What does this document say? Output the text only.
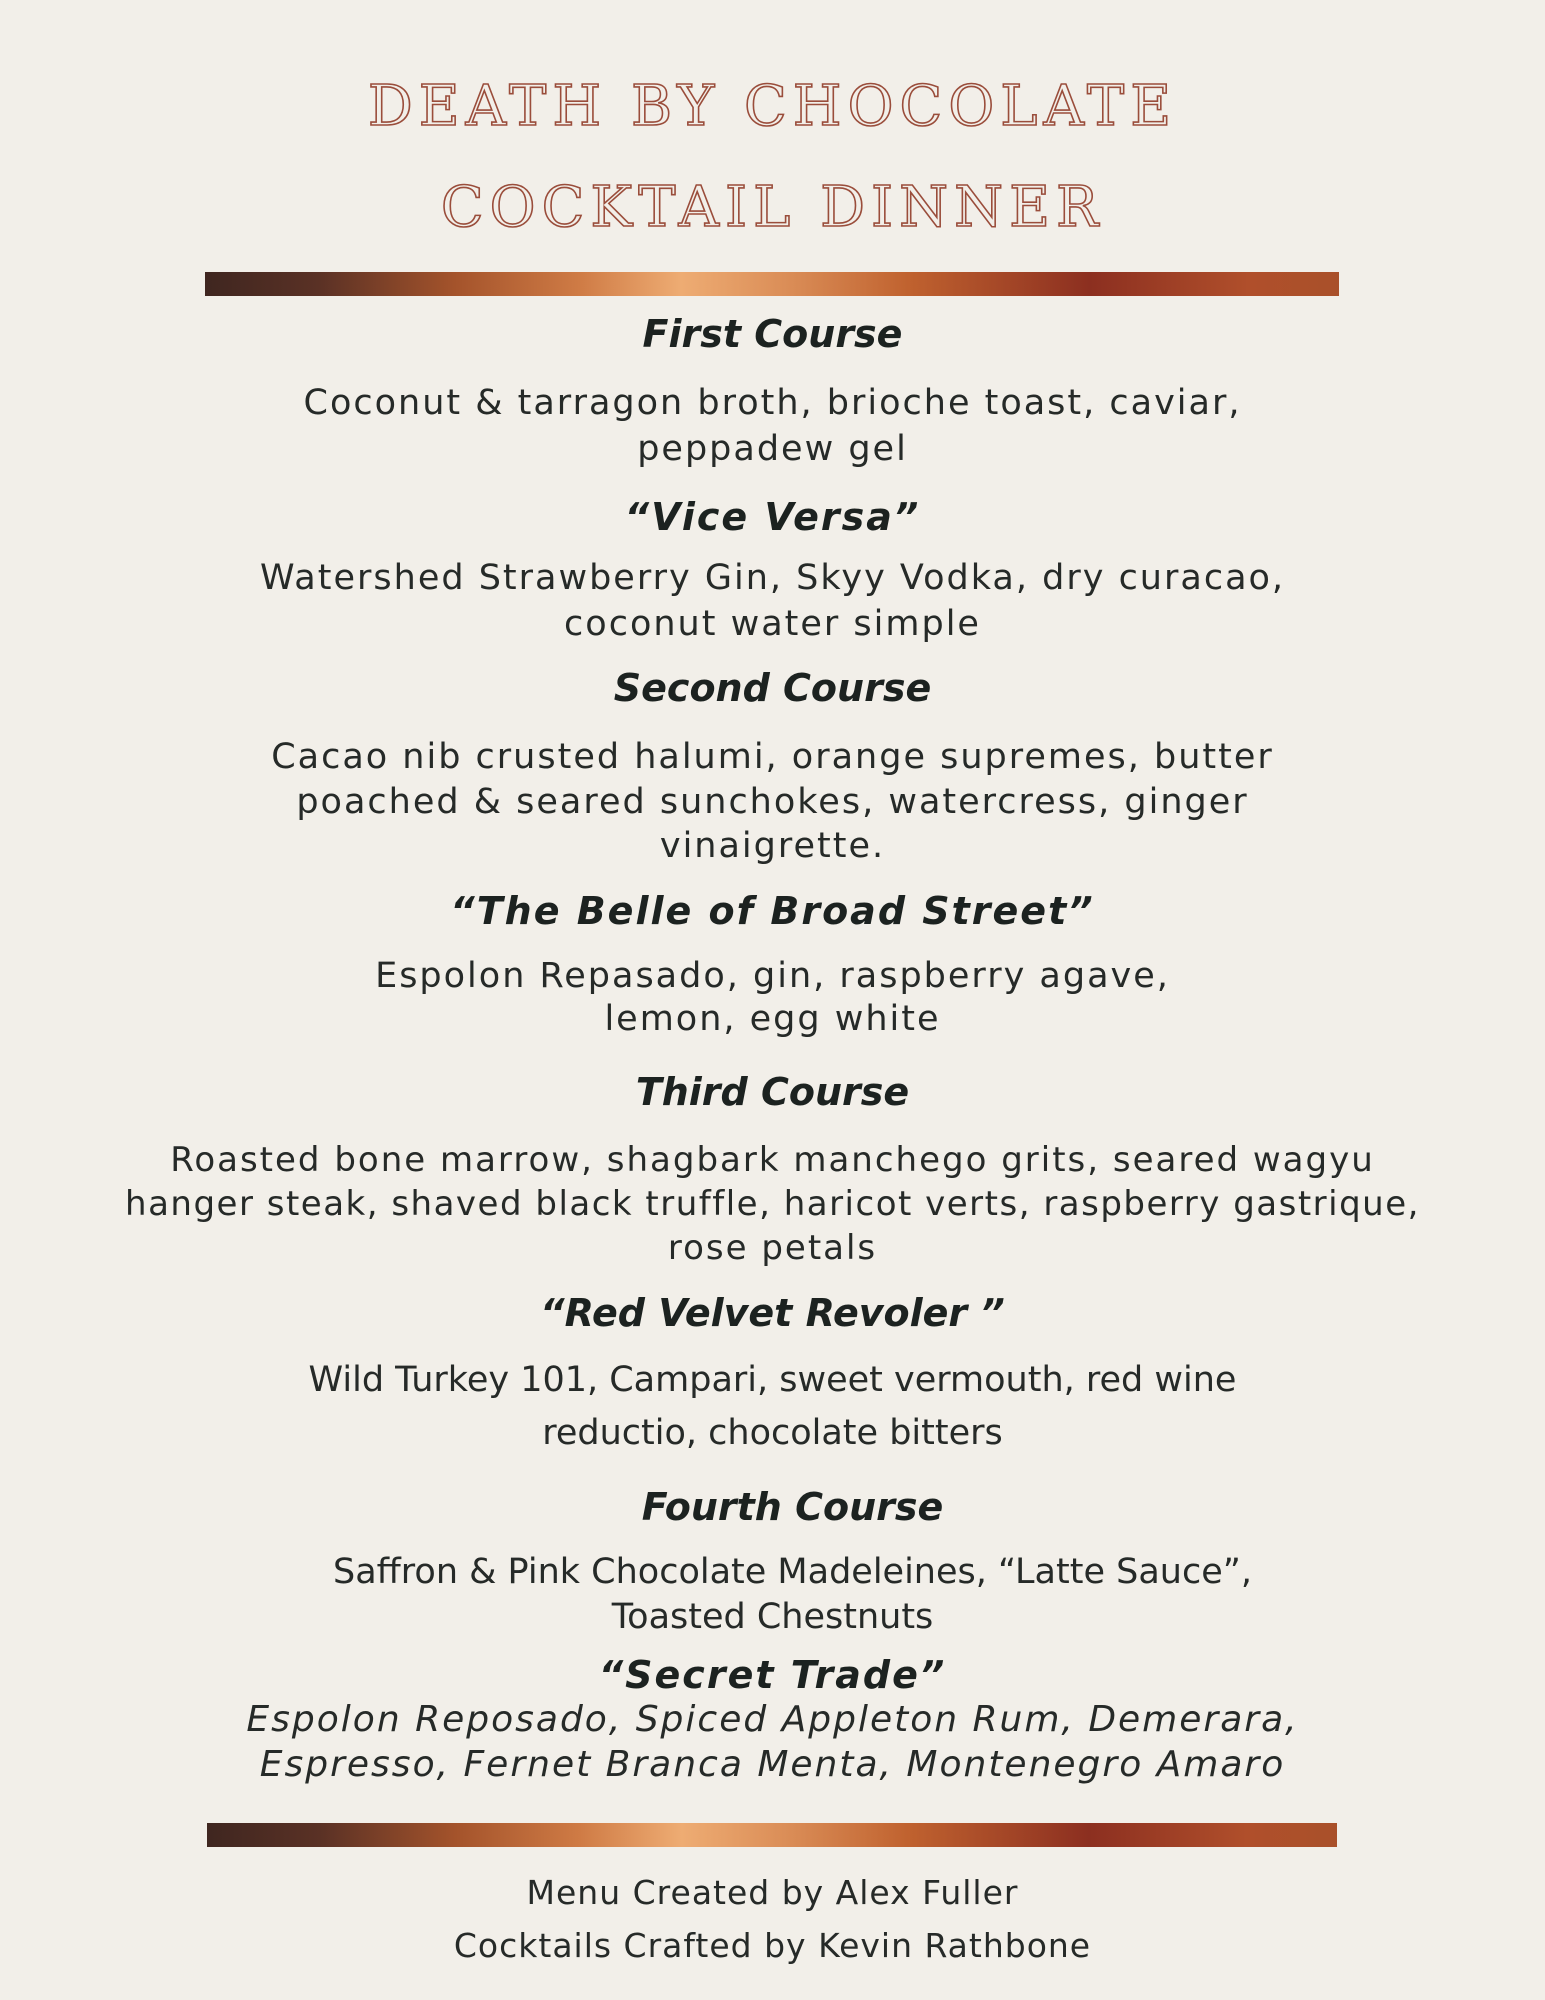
DEATH BY CHOCOLATE
COCKTAIL DINNER
First Course
Coconut & tarragon broth, brioche toast, caviar,
peppadew gel
“Vice Versa”
Watershed Strawberry Gin, Skyy Vodka, dry curacao,
coconut water simple
Second Course
Cacao nib crusted halumi, orange supremes, butter
poached & seared sunchokes, watercress, ginger
vinaigrette.
“The Belle of Broad Street”
Espolon Repasado, gin, raspberry agave,
lemon, egg white
Third Course
Roasted bone marrow, shagbark manchego grits, seared wagyu
hanger steak, shaved black truffle, haricot verts, raspberry gastrique,
rose petals
“Red Velvet Revoler ”
Wild Turkey 101, Campari, sweet vermouth, red wine
reductio, chocolate bitters
Fourth Course
Saffron & Pink Chocolate Madeleines, “Latte Sauce”,
Toasted Chestnuts
“Secret Trade”
Espolon Reposado, Spiced Appleton Rum, Demerara,
Espresso, Fernet Branca Menta, Montenegro Amaro
Menu Created by Alex Fuller
Cocktails Crafted by Kevin Rathbone
